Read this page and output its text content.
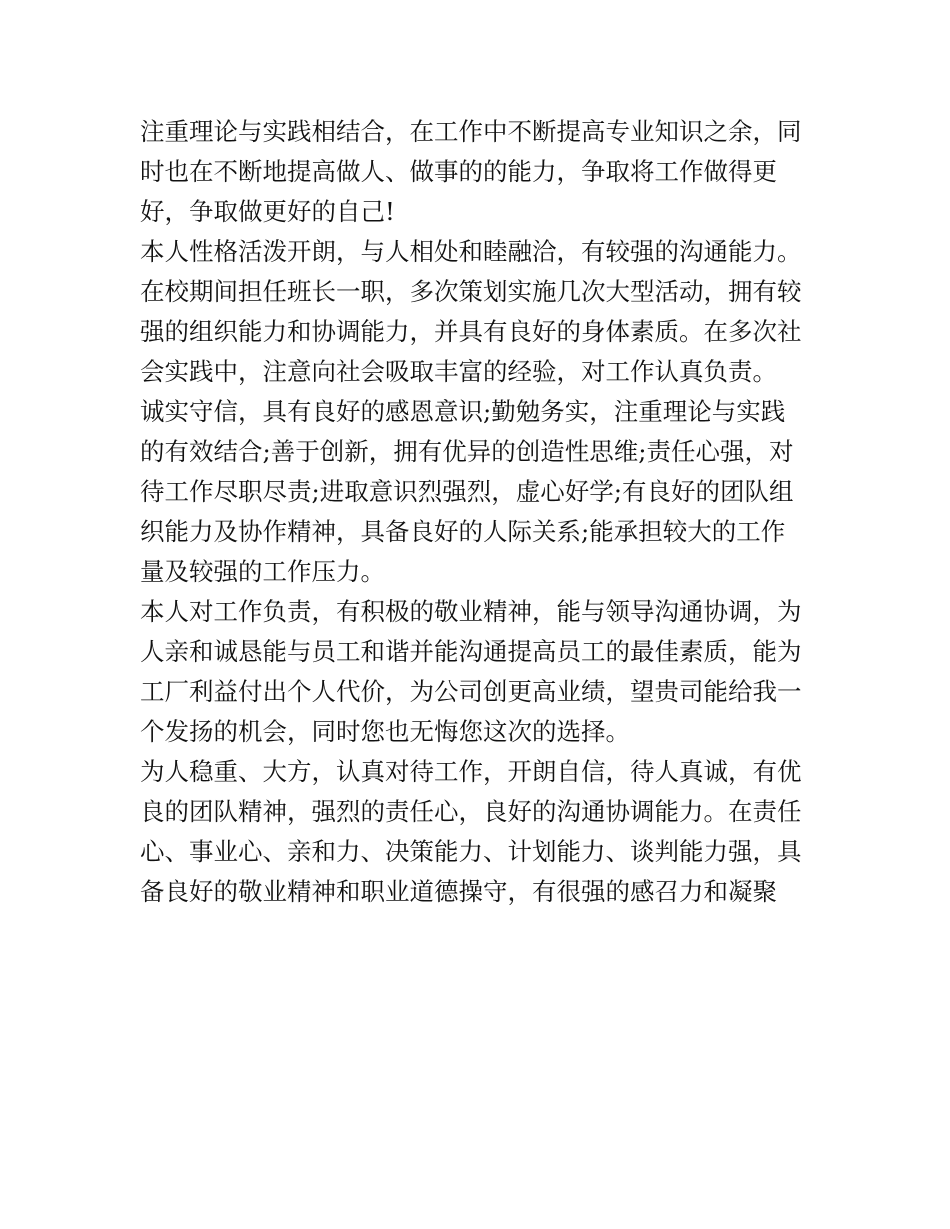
注重理论与实践相结合，在工作中不断提高专业知识之余，同
时也在不断地提高做人、做事的的能力，争取将工作做得更
好，争取做更好的自己!
本人性格活泼开朗，与人相处和睦融洽，有较强的沟通能力。
在校期间担任班长一职，多次策划实施几次大型活动，拥有较
强的组织能力和协调能力，并具有良好的身体素质。在多次社
会实践中，注意向社会吸取丰富的经验，对工作认真负责。
诚实守信，具有良好的感恩意识;勤勉务实，注重理论与实践
的有效结合;善于创新，拥有优异的创造性思维;责任心强，对
待工作尽职尽责;进取意识烈强烈，虚心好学;有良好的团队组
织能力及协作精神，具备良好的人际关系;能承担较大的工作
量及较强的工作压力。
本人对工作负责，有积极的敬业精神，能与领导沟通协调，为
人亲和诚恳能与员工和谐并能沟通提高员工的最佳素质，能为
工厂利益付出个人代价，为公司创更高业绩，望贵司能给我一
个发扬的机会，同时您也无悔您这次的选择。
为人稳重、大方，认真对待工作，开朗自信，待人真诚，有优
良的团队精神，强烈的责任心，良好的沟通协调能力。在责任
心、事业心、亲和力、决策能力、计划能力、谈判能力强，具
备良好的敬业精神和职业道德操守，有很强的感召力和凝聚
